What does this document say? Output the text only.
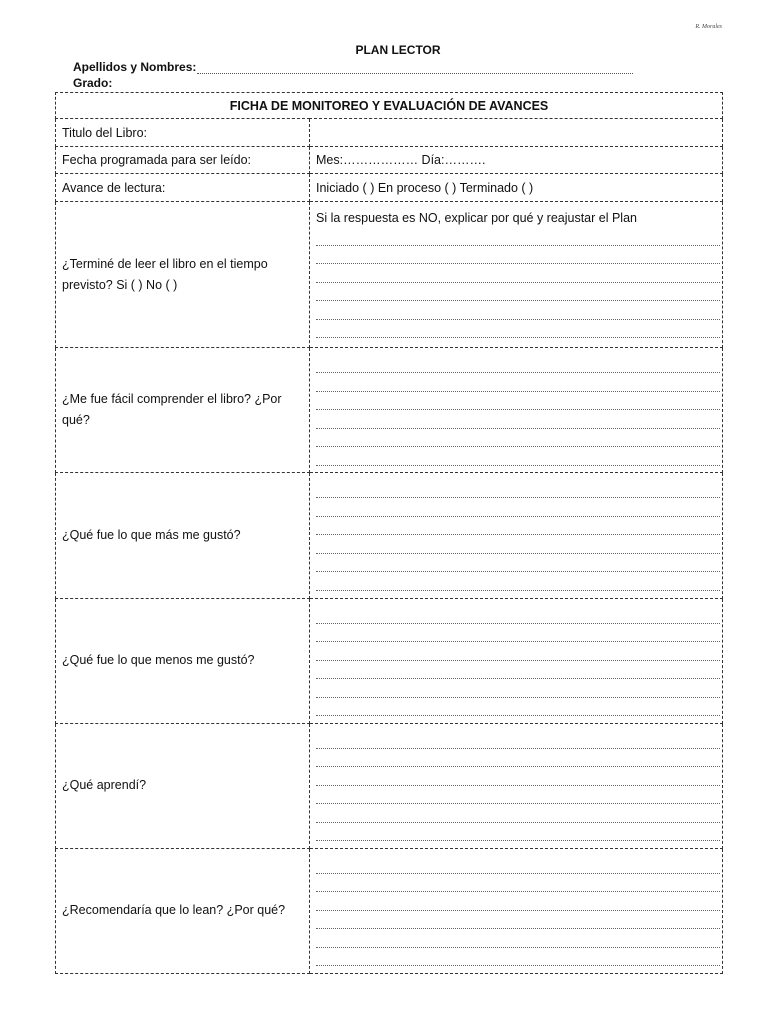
R. Morales
PLAN LECTOR
Apellidos y Nombres:
Grado:
FICHA DE MONITOREO Y EVALUACIÓN DE AVANCES	
Titulo del Libro:	
Fecha programada para ser leído:	Mes:……………… Día:……….
Avance de lectura:	Iniciado ( ) En proceso ( ) Terminado ( )
¿Terminé de leer el libro en el tiempo previsto? Si ( ) No ( )	Si la respuesta es NO, explicar por qué y reajustar el Plan

¿Me fue fácil comprender el libro? ¿Por qué?	

¿Qué fue lo que más me gustó?	

¿Qué fue lo que menos me gustó?	

¿Qué aprendí?	

¿Recomendaría que lo lean? ¿Por qué?	
